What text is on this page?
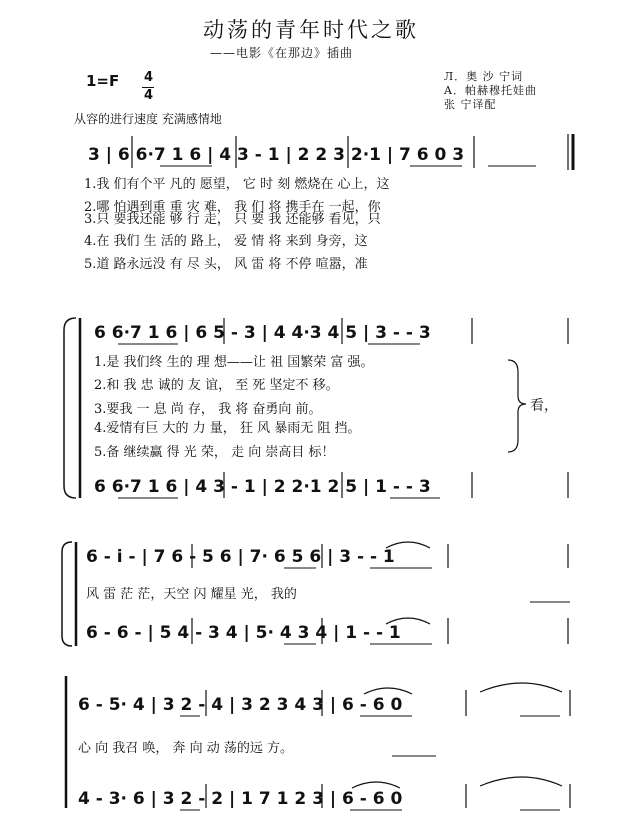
动荡的青年时代之歌
——电影《在那边》插曲
1=F 4
4
Л．奥 沙 宁词
A．帕赫穆托娃曲
张 宁译配
从容的进行速度 充满感情地
3 | 6 6·7 1 6 | 4 3 - 1 | 2 2 3 2·1 | 7 6 0 3
1.我 们有个平 凡的 愿望， 它 时 刻 燃烧在 心上，这
2.哪 怕遇到重 重 灾 难， 我 们 将 携手在 一起，你
3.只 要我还能 够 行 走， 只 要 我 还能够 看见，只
4.在 我们 生 活的 路上， 爱 情 将 来到 身旁，这
5.道 路永远没 有 尽 头， 风 雷 将 不停 喧嚣，准
6 6·7 1 6 | 6 5 - 3 | 4 4·3 4 5 | 3 - - 3
1.是 我们终 生的 理 想——让 祖 国繁荣 富 强。
2.和 我 忠 诚的 友 谊， 至 死 坚定不 移。
3.要我 一 息 尚 存， 我 将 奋勇向 前。
4.爱情有巨 大的 力 量， 狂 风 暴雨无 阻 挡。
5.备 继续赢 得 光 荣， 走 向 崇高目 标！
看，
6 6·7 1 6 | 4 3 - 1 | 2 2·1 2 5 | 1 - - 3
6 - i - | 7 6 - 5 6 | 7· 6 5 6 | 3 - - 1
风 雷 茫 茫，天空 闪 耀星 光， 我的
6 - 6 - | 5 4 - 3 4 | 5· 4 3 4 | 1 - - 1
6 - 5· 4 | 3 2 - 4 | 3 2 3 4 3 | 6 - 6 0
心 向 我召 唤， 奔 向 动 荡的远 方。
4 - 3· 6 | 3 2 - 2 | 1 7 1 2 3 | 6 - 6 0
